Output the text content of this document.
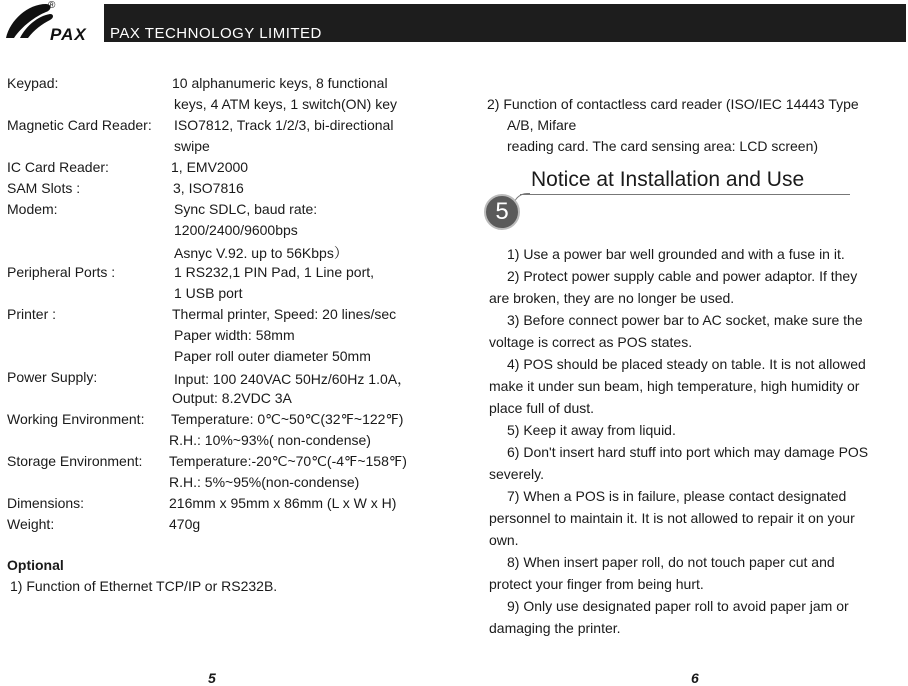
®
PAX PAX TECHNOLOGY LIMITED
Keypad:	10 alphanumeric keys, 8 functional
keys, 4 ATM keys, 1 switch(ON) key
Magnetic Card Reader: ISO7812, Track 1/2/3, bi-directional
swipe
IC Card Reader:	1, EMV2000
SAM Slots :	3, ISO7816
Modem:	Sync SDLC, baud rate:
1200/2400/9600bps
Asnyc V.92. up to 56Kbps）
Peripheral Ports :	1 RS232,1 PIN Pad, 1 Line port,
1 USB port
Printer :	Thermal printer, Speed: 20 lines/sec
Paper width: 58mm
Paper roll outer diameter 50mm
Power Supply:	Input: 100 240VAC 50Hz/60Hz 1.0A，
Output: 8.2VDC 3A
Working Environment: Temperature: 0℃~50℃(32℉~122℉)
R.H.: 10%~93%( non-condense)
Storage Environment: Temperature:-20℃~70℃(-4℉~158℉)
R.H.: 5%~95%(non-condense)
Dimensions:	216mm x 95mm x 86mm (L x W x H)
Weight:	470g
Optional
1) Function of Ethernet TCP/IP or RS232B.
2) Function of contactless card reader (ISO/IEC 14443 Type
A/B, Mifare
reading card. The card sensing area: LCD screen)
5
Notice at Installation and Use
1) Use a power bar well grounded and with a fuse in it.
2) Protect power supply cable and power adaptor. If they
are broken, they are no longer be used.
3) Before connect power bar to AC socket, make sure the
voltage is correct as POS states.
4) POS should be placed steady on table. It is not allowed
make it under sun beam, high temperature, high humidity or
place full of dust.
5) Keep it away from liquid.
6) Don't insert hard stuff into port which may damage POS
severely.
7) When a POS is in failure, please contact designated
personnel to maintain it. It is not allowed to repair it on your
own.
8) When insert paper roll, do not touch paper cut and
protect your finger from being hurt.
9) Only use designated paper roll to avoid paper jam or
damaging the printer.
5	6
